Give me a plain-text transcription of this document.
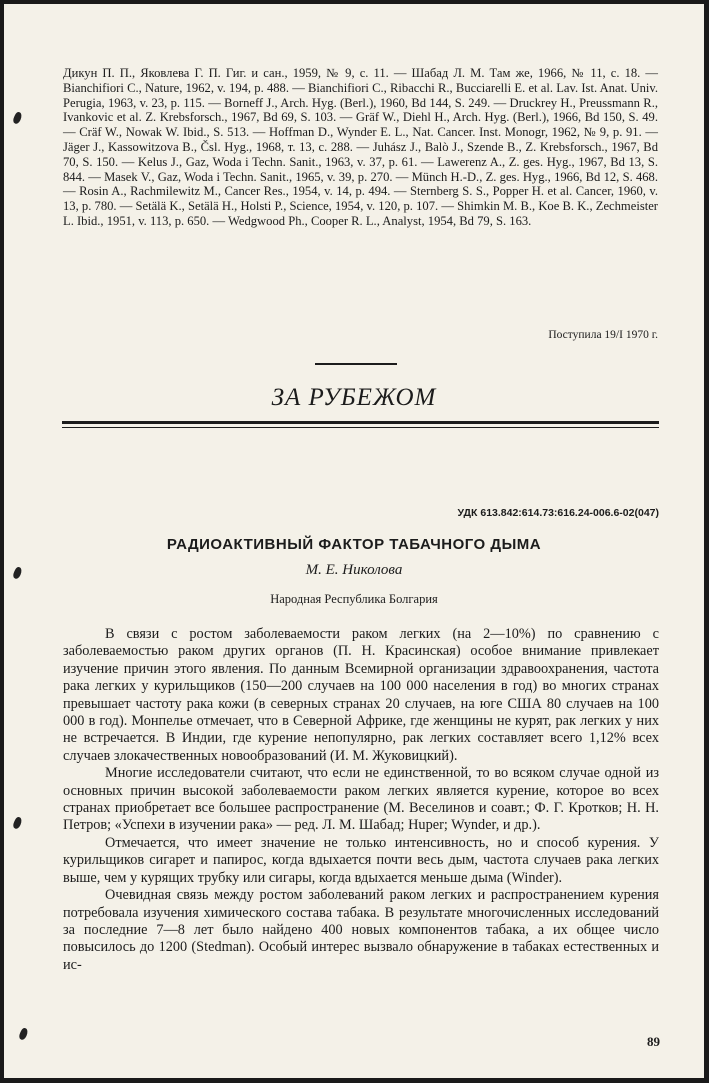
Дикун П. П., Яковлева Г. П. Гиг. и сан., 1959, № 9, с. 11. — Шабад Л. М. Там же, 1966, № 11, с. 18. — Bianchifiori C., Nature, 1962, v. 194, p. 488. — Bianchifiori C., Ribacchi R., Bucciarelli E. et al. Lav. Ist. Anat. Univ. Perugia, 1963, v. 23, p. 115. — Borneff J., Arch. Hyg. (Berl.), 1960, Bd 144, S. 249. — Druckrey H., Preussmann R., Ivankovic et al. Z. Krebsforsch., 1967, Bd 69, S. 103. — Gräf W., Diehl H., Arch. Hyg. (Berl.), 1966, Bd 150, S. 49. — Cräf W., Nowak W. Ibid., S. 513. — Hoffman D., Wynder E. L., Nat. Cancer. Inst. Monogr, 1962, № 9, p. 91. — Jäger J., Kassowitzova B., Čsl. Hyg., 1968, т. 13, с. 288. — Juhász J., Balò J., Szende B., Z. Krebsforsch., 1967, Bd 70, S. 150. — Kelus J., Gaz, Woda i Techn. Sanit., 1963, v. 37, p. 61. — Lawerenz A., Z. ges. Hyg., 1967, Bd 13, S. 844. — Masek V., Gaz, Woda i Techn. Sanit., 1965, v. 39, p. 270. — Münch H.-D., Z. ges. Hyg., 1966, Bd 12, S. 468. — Rosin A., Rachmilewitz M., Cancer Res., 1954, v. 14, p. 494. — Sternberg S. S., Popper H. et al. Cancer, 1960, v. 13, p. 780. — Setälä K., Setälä H., Holsti P., Science, 1954, v. 120, p. 107. — Shimkin M. B., Koe B. K., Zechmeister L. Ibid., 1951, v. 113, p. 650. — Wedgwood Ph., Cooper R. L., Analyst, 1954, Bd 79, S. 163.

Поступила 19/I 1970 г.
ЗА РУБЕЖОМ
УДК 613.842:614.73:616.24-006.6-02(047)
РАДИОАКТИВНЫЙ ФАКТОР ТАБАЧНОГО ДЫМА
М. Е. Николова
Народная Республика Болгария

В связи с ростом заболеваемости раком легких (на 2—10%) по сравнению с заболеваемостью раком других органов (П. Н. Красинская) особое внимание привлекает изучение причин этого явления. По данным Всемирной организации здравоохранения, частота рака легких у курильщиков (150—200 случаев на 100 000 населения в год) во многих странах превышает частоту рака кожи (в северных странах 20 случаев, на юге США 80 случаев на 100 000 в год). Монпелье отмечает, что в Северной Африке, где женщины не курят, рак легких у них не встречается. В Индии, где курение непопулярно, рак легких составляет всего 1,12% всех случаев злокачественных новообразований (И. М. Жуковицкий).

Многие исследователи считают, что если не единственной, то во всяком случае одной из основных причин высокой заболеваемости раком легких является курение, которое во всех странах приобретает все большее распространение (М. Веселинов и соавт.; Ф. Г. Кротков; Н. Н. Петров; «Успехи в изучении рака» — ред. Л. М. Шабад; Huper; Wynder, и др.).

Отмечается, что имеет значение не только интенсивность, но и способ курения. У курильщиков сигарет и папирос, когда вдыхается почти весь дым, частота случаев рака легких выше, чем у курящих трубку или сигары, когда вдыхается меньше дыма (Winder).

Очевидная связь между ростом заболеваний раком легких и распространением курения потребовала изучения химического состава табака. В результате многочисленных исследований за последние 7—8 лет было найдено 400 новых компонентов табака, а их общее число повысилось до 1200 (Stedman). Особый интерес вызвало обнаружение в табаках естественных и ис-

89
